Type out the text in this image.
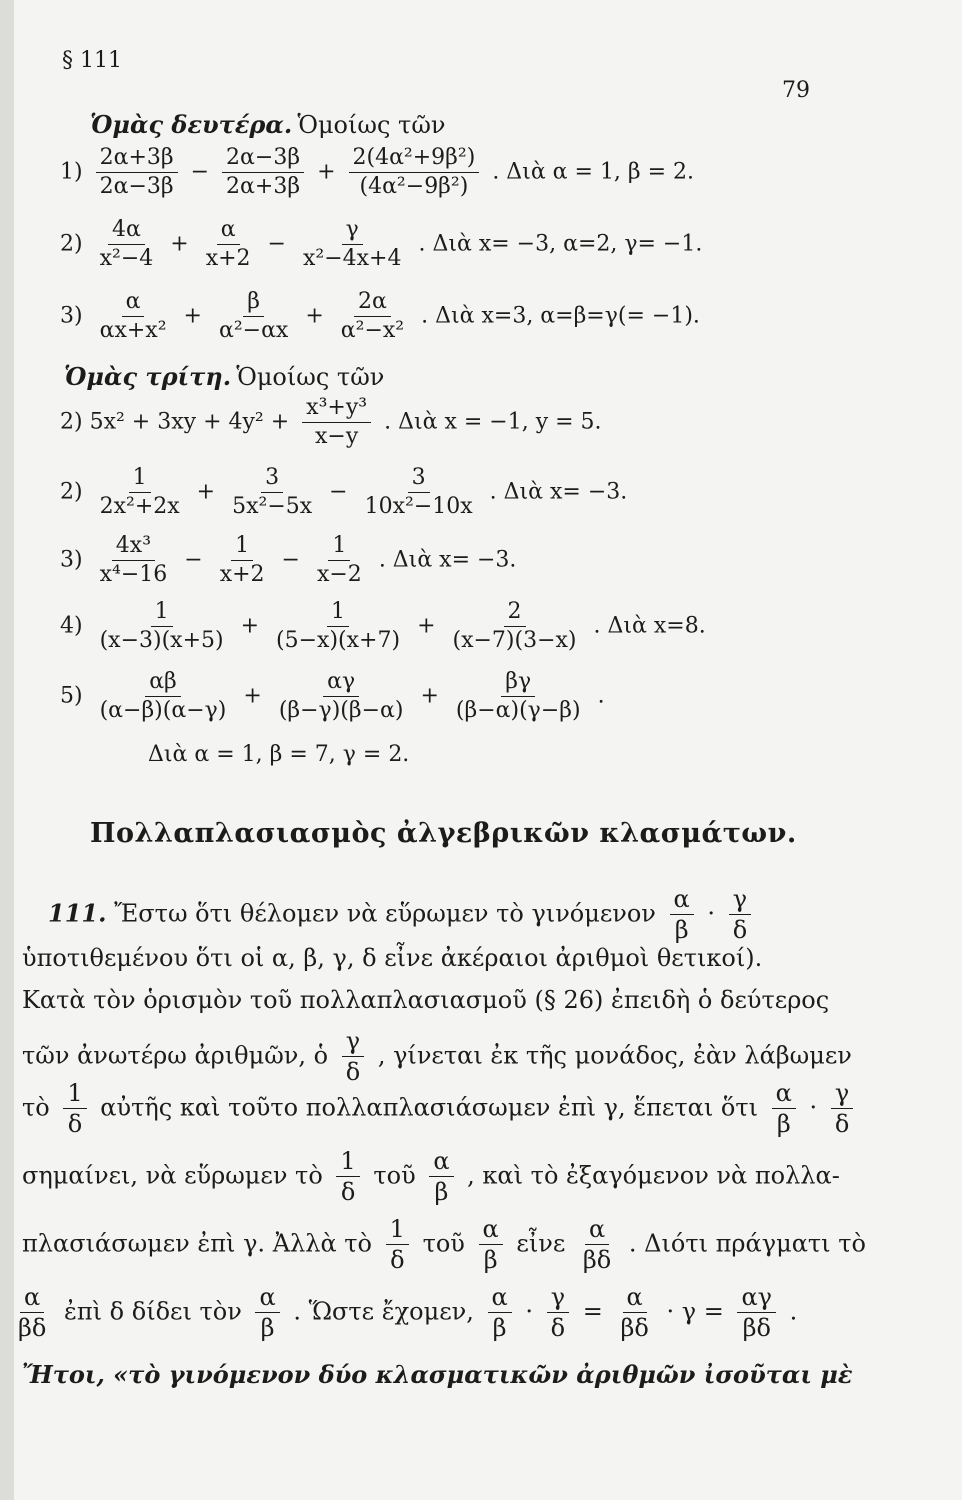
§ 111
79
Ὁμὰς δευτέρα. Ὁμοίως τῶν
$1) \frac{2\alpha+3\beta}{2\alpha-3\beta} - \frac{2\alpha-3\beta}{2\alpha+3\beta} + \frac{\text{2(4α²+9β²)}}{\text{(4α²−9β²)}}$ . Διὰ α = 1, β = 2.
$2) \frac{4\alpha}{\text{x²−4}} + \frac{\alpha}{x+2} - \frac{\gamma}{\text{x²−4x+4}}$ . Διὰ x= −3, α=2, γ= −1.
$3) \frac{\alpha}{\text{αx+x²}} + \frac{\beta}{\text{α²−αx}} + \frac{2\alpha}{\text{α²−x²}}$ . Διὰ x=3, α=β=γ(= −1).
Ὁμὰς τρίτη. Ὁμοίως τῶν
2) $5x^2 + 3xy + 4y^2 + \frac{\text{x³+y³}}{x-y}$ . Διὰ x = −1, y = 5.
$2) \frac{1}{\text{2x²+2x}} + \frac{3}{\text{5x²−5x}} - \frac{3}{\text{10x²−10x}}$ . Διὰ x= −3.
$3) \frac{\text{4x³}}{\text{x⁴−16}} - \frac{1}{x+2} - \frac{1}{x-2}$ . Διὰ x= −3.
$4) \frac{1}{(x-3)(x+5)} + \frac{1}{(5-x)(x+7)} + \frac{2}{(x-7)(3-x)}$ . Διὰ x=8.
$5) \frac{\alpha\beta}{(\alpha-\beta)(\alpha-\gamma)} + \frac{\alpha\gamma}{(\beta-\gamma)(\beta-\alpha)} + \frac{\beta\gamma}{(\beta-\alpha)(\gamma-\beta)}$ .
Διὰ α = 1, β = 7, γ = 2.
Πολλαπλασιασμὸς ἀλγεβρικῶν κλασμάτων.
111. Ἔστω ὅτι θέλομεν νὰ εὕρωμεν τὸ γινόμενον $\frac{\alpha}{\beta} \cdot \frac{\gamma}{\delta}$
ὑποτιθεμένου ὅτι οἱ α, β, γ, δ εἶνε ἀκέραιοι ἀριθμοὶ θετικοί).
Κατὰ τὸν ὁρισμὸν τοῦ πολλαπλασιασμοῦ (§ 26) ἐπειδὴ ὁ δεύτερος
τῶν ἀνωτέρω ἀριθμῶν, ὁ $\frac{\gamma}{\delta}$ , γίνεται ἐκ τῆς μονάδος, ἐὰν λάβωμεν
τὸ $\frac{1}{\delta}$ αὐτῆς καὶ τοῦτο πολλαπλασιάσωμεν ἐπὶ γ, ἕπεται ὅτι $\frac{\alpha}{\beta} \cdot \frac{\gamma}{\delta}$
σημαίνει, νὰ εὕρωμεν τὸ $\frac{1}{\delta}$ τοῦ $\frac{\alpha}{\beta}$ , καὶ τὸ ἐξαγόμενον νὰ πολλα-
πλασιάσωμεν ἐπὶ γ. Ἀλλὰ τὸ $\frac{1}{\delta}$ τοῦ $\frac{\alpha}{\beta}$ εἶνε $\frac{\alpha}{\beta\delta}$ . Διότι πράγματι τὸ
$\frac{\alpha}{\beta\delta}$ ἐπὶ δ δίδει τὸν $\frac{\alpha}{\beta}$ . Ὥστε ἔχομεν, $\frac{\alpha}{\beta} \cdot \frac{\gamma}{\delta} = \frac{\alpha}{\beta\delta} \cdot \gamma = \frac{\alpha\gamma}{\beta\delta}$ .
Ἤτοι, «τὸ γινόμενον δύο κλασματικῶν ἀριθμῶν ἰσοῦται μὲ
